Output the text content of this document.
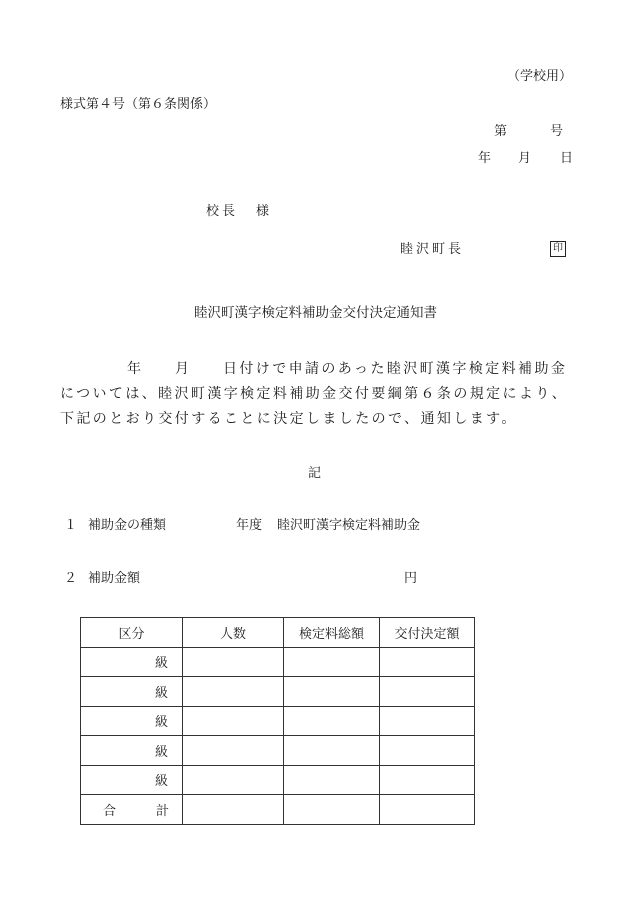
（学校用）
様式第４号（第６条関係）
第	号
年 月 日
校長 様
睦沢町長	印
睦沢町漢字検定料補助金交付決定通知書
年 月 日付けで申請のあった睦沢町漢字検定料補助金
については、睦沢町漢字検定料補助金交付要綱第６条の規定により、
下記のとおり交付することに決定しましたので、通知します。
記
１ 補助金の種類	年度 睦沢町漢字検定料補助金
２ 補助金額	円
区分	人数	検定料総額	交付決定額
級			
級			
級			
級			
級			
合 計			
